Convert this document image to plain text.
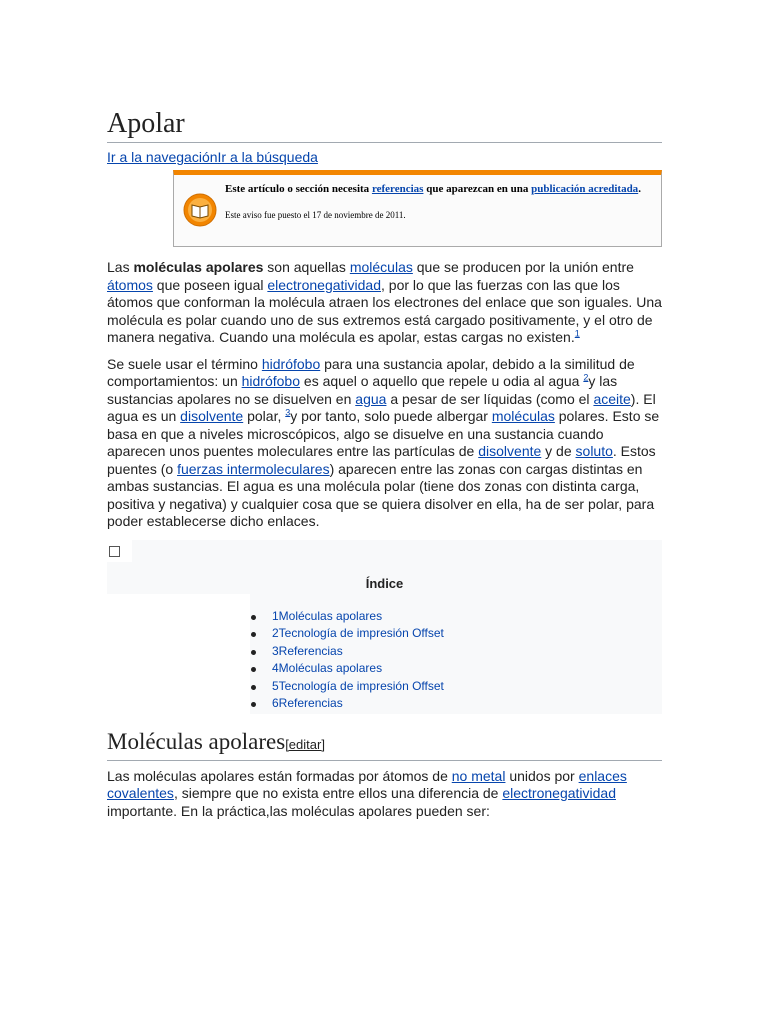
Apolar
Ir a la navegaciónIr a la búsqueda
Este artículo o sección necesita referencias que aparezcan en una publicación acreditada.
Este aviso fue puesto el 17 de noviembre de 2011.

Las moléculas apolares son aquellas moléculas que se producen por la unión entre átomos que poseen igual electronegatividad, por lo que las fuerzas con las que los átomos que conforman la molécula atraen los electrones del enlace que son iguales. Una molécula es polar cuando uno de sus extremos está cargado positivamente, y el otro de manera negativa. Cuando una molécula es apolar, estas cargas no existen.$^1$

Se suele usar el término hidrófobo para una sustancia apolar, debido a la similitud de comportamientos: un hidrófobo es aquel o aquello que repele u odia al agua $^2$y las sustancias apolares no se disuelven en agua a pesar de ser líquidas (como el aceite). El agua es un disolvente polar, $^3$y por tanto, solo puede albergar moléculas polares. Esto se basa en que a niveles microscópicos, algo se disuelve en una sustancia cuando aparecen unos puentes moleculares entre las partículas de disolvente y de soluto. Estos puentes (o fuerzas intermoleculares) aparecen entre las zonas con cargas distintas en ambas sustancias. El agua es una molécula polar (tiene dos zonas con distinta carga, positiva y negativa) y cualquier cosa que se quiera disolver en ella, ha de ser polar, para poder establecerse dicho enlaces.

Índice
1Moléculas apolares
2Tecnología de impresión Offset
3Referencias
4Moléculas apolares
5Tecnología de impresión Offset
6Referencias
Moléculas apolares[editar]

Las moléculas apolares están formadas por átomos de no metal unidos por enlaces covalentes, siempre que no exista entre ellos una diferencia de electronegatividad importante. En la práctica,las moléculas apolares pueden ser:
